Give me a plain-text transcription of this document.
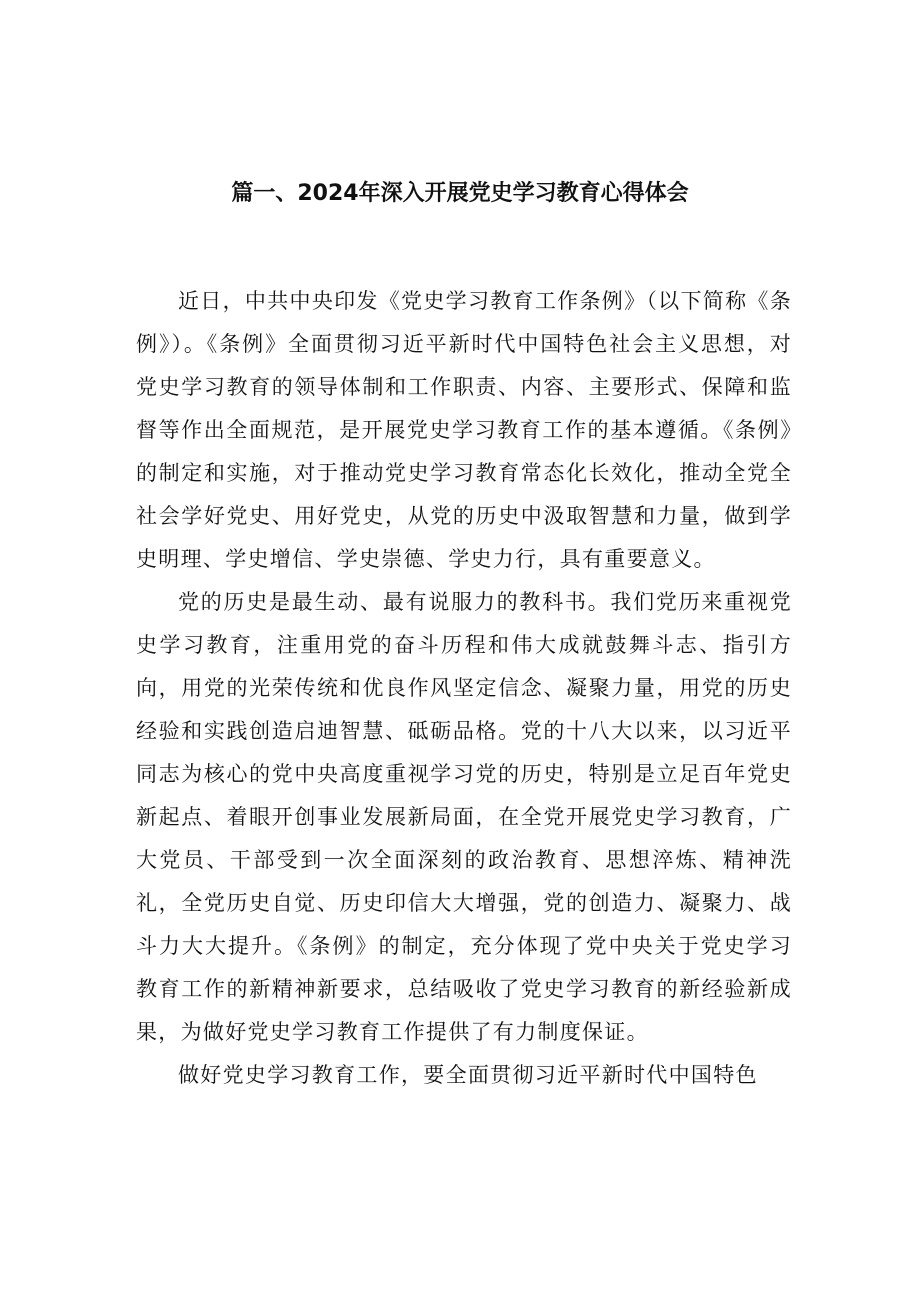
篇一、2024年深入开展党史学习教育心得体会

近日，中共中央印发《党史学习教育工作条例》（以下简称《条例》）。《条例》全面贯彻习近平新时代中国特色社会主义思想，对党史学习教育的领导体制和工作职责、内容、主要形式、保障和监督等作出全面规范，是开展党史学习教育工作的基本遵循。《条例》的制定和实施，对于推动党史学习教育常态化长效化，推动全党全社会学好党史、用好党史，从党的历史中汲取智慧和力量，做到学史明理、学史增信、学史崇德、学史力行，具有重要意义。

党的历史是最生动、最有说服力的教科书。我们党历来重视党史学习教育，注重用党的奋斗历程和伟大成就鼓舞斗志、指引方向，用党的光荣传统和优良作风坚定信念、凝聚力量，用党的历史经验和实践创造启迪智慧、砥砺品格。党的十八大以来，以习近平同志为核心的党中央高度重视学习党的历史，特别是立足百年党史新起点、着眼开创事业发展新局面，在全党开展党史学习教育，广大党员、干部受到一次全面深刻的政治教育、思想淬炼、精神洗礼，全党历史自觉、历史印信大大增强，党的创造力、凝聚力、战斗力大大提升。《条例》的制定，充分体现了党中央关于党史学习教育工作的新精神新要求，总结吸收了党史学习教育的新经验新成果，为做好党史学习教育工作提供了有力制度保证。

做好党史学习教育工作，要全面贯彻习近平新时代中国特色
